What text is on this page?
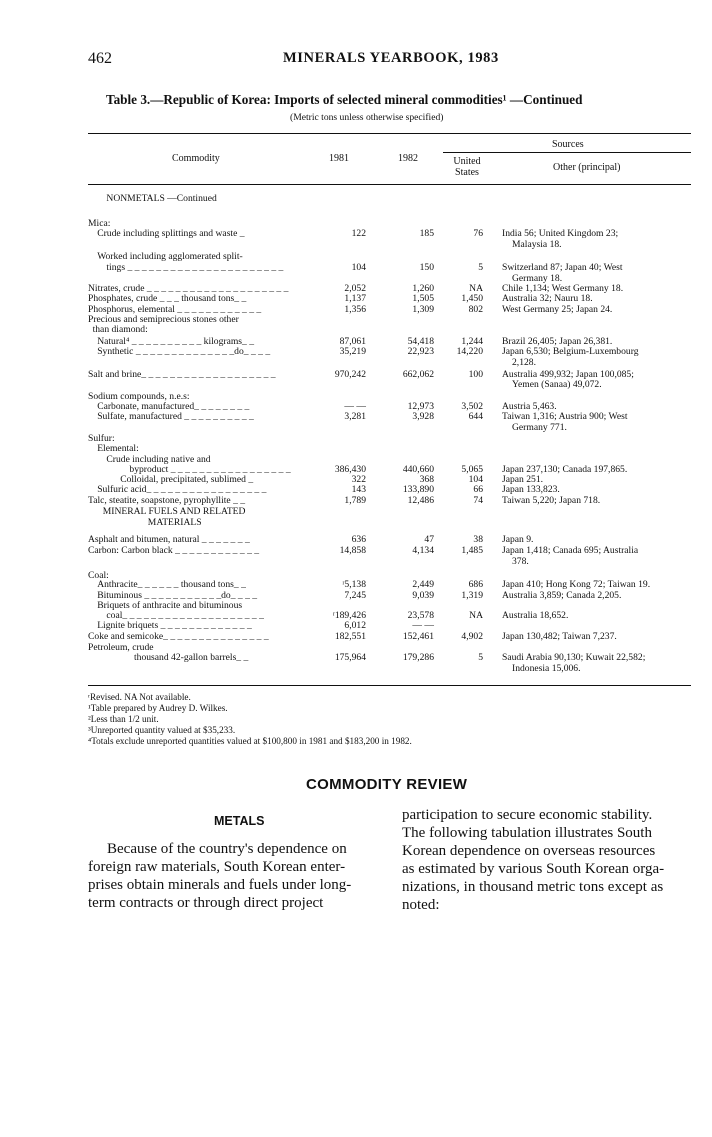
462	MINERALS YEARBOOK, 1983
Table 3.—Republic of Korea: Imports of selected mineral commodities¹ —Continued
(Metric tons unless otherwise specified)
Commodity	1981	1982
Sources
United
States	Other (principal)
NONMETALS —Continued
Mica:
Crude including splittings and waste _	122	185	76 India 56; United Kingdom 23;
Malaysia 18.
Worked including agglomerated split-
tings _ _ _ _ _ _ _ _ _ _ _ _ _ _ _ _ _ _ _ _ _ _	104	150	5 Switzerland 87; Japan 40; West
Germany 18.
Nitrates, crude _ _ _ _ _ _ _ _ _ _ _ _ _ _ _ _ _ _ _ _	2,052	1,260	NA Chile 1,134; West Germany 18.
Phosphates, crude _ _ _ thousand tons_ _	1,137	1,505	1,450 Australia 32; Nauru 18.
Phosphorus, elemental _ _ _ _ _ _ _ _ _ _ _ _	1,356	1,309	802 West Germany 25; Japan 24.
Precious and semiprecious stones other
than diamond:
Natural⁴ _ _ _ _ _ _ _ _ _ _ kilograms_ _	87,061	54,418	1,244 Brazil 26,405; Japan 26,381.
Synthetic _ _ _ _ _ _ _ _ _ _ _ _ _ _do_ _ _ _	35,219	22,923	14,220 Japan 6,530; Belgium-Luxembourg
2,128.
Salt and brine_ _ _ _ _ _ _ _ _ _ _ _ _ _ _ _ _ _ _	970,242	662,062	100 Australia 499,932; Japan 100,085;
Yemen (Sanaa) 49,072.
Sodium compounds, n.e.s:
Carbonate, manufactured_ _ _ _ _ _ _ _	— —	12,973	3,502 Austria 5,463.
Sulfate, manufactured _ _ _ _ _ _ _ _ _ _	3,281	3,928	644 Taiwan 1,316; Austria 900; West
Germany 771.
Sulfur:
Elemental:
Crude including native and
byproduct _ _ _ _ _ _ _ _ _ _ _ _ _ _ _ _ _	386,430	440,660	5,065 Japan 237,130; Canada 197,865.
Colloidal, precipitated, sublimed _	322	368	104 Japan 251.
Sulfuric acid_ _ _ _ _ _ _ _ _ _ _ _ _ _ _ _ _	143	133,890	66 Japan 133,823.
Talc, steatite, soapstone, pyrophyllite _ _	1,789	12,486	74 Taiwan 5,220; Japan 718.
MINERAL FUELS AND RELATED
MATERIALS
Asphalt and bitumen, natural _ _ _ _ _ _ _	636	47	38 Japan 9.
Carbon: Carbon black _ _ _ _ _ _ _ _ _ _ _ _	14,858	4,134	1,485 Japan 1,418; Canada 695; Australia
378.
Coal:
Anthracite_ _ _ _ _ _ thousand tons_ _	ʳ5,138	2,449	686 Japan 410; Hong Kong 72; Taiwan 19.
Bituminous _ _ _ _ _ _ _ _ _ _ _do_ _ _ _	7,245	9,039	1,319 Australia 3,859; Canada 2,205.
Briquets of anthracite and bituminous
coal_ _ _ _ _ _ _ _ _ _ _ _ _ _ _ _ _ _ _ _	ʳ189,426	23,578	NA Australia 18,652.
Lignite briquets _ _ _ _ _ _ _ _ _ _ _ _ _	6,012	— —
Coke and semicoke_ _ _ _ _ _ _ _ _ _ _ _ _ _ _	182,551	152,461	4,902 Japan 130,482; Taiwan 7,237.
Petroleum, crude
thousand 42-gallon barrels_ _	175,964	179,286	5 Saudi Arabia 90,130; Kuwait 22,582;
Indonesia 15,006.
ʳRevised. NA Not available.
¹Table prepared by Audrey D. Wilkes.
²Less than 1/2 unit.
³Unreported quantity valued at $35,233.
⁴Totals exclude unreported quantities valued at $100,800 in 1981 and $183,200 in 1982.
COMMODITY REVIEW
METALS
Because of the country's dependence on
foreign raw materials, South Korean enter-
prises obtain minerals and fuels under long-
term contracts or through direct project
participation to secure economic stability.
The following tabulation illustrates South
Korean dependence on overseas resources
as estimated by various South Korean orga-
nizations, in thousand metric tons except as
noted:
